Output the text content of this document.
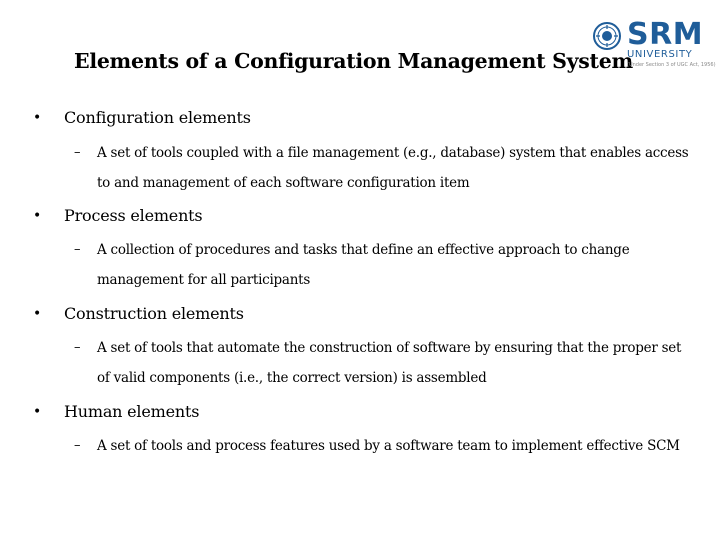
Elements of a Configuration Management System
SRM
UNIVERSITY
(Under Section 3 of UGC Act, 1956)
• Configuration elements
– A set of tools coupled with a file management (e.g., database) system that enables access to and management of each software configuration item
• Process elements
– A collection of procedures and tasks that define an effective approach to change management for all participants
• Construction elements
– A set of tools that automate the construction of software by ensuring that the proper set of valid components (i.e., the correct version) is assembled
• Human elements
– A set of tools and process features used by a software team to implement effective SCM
